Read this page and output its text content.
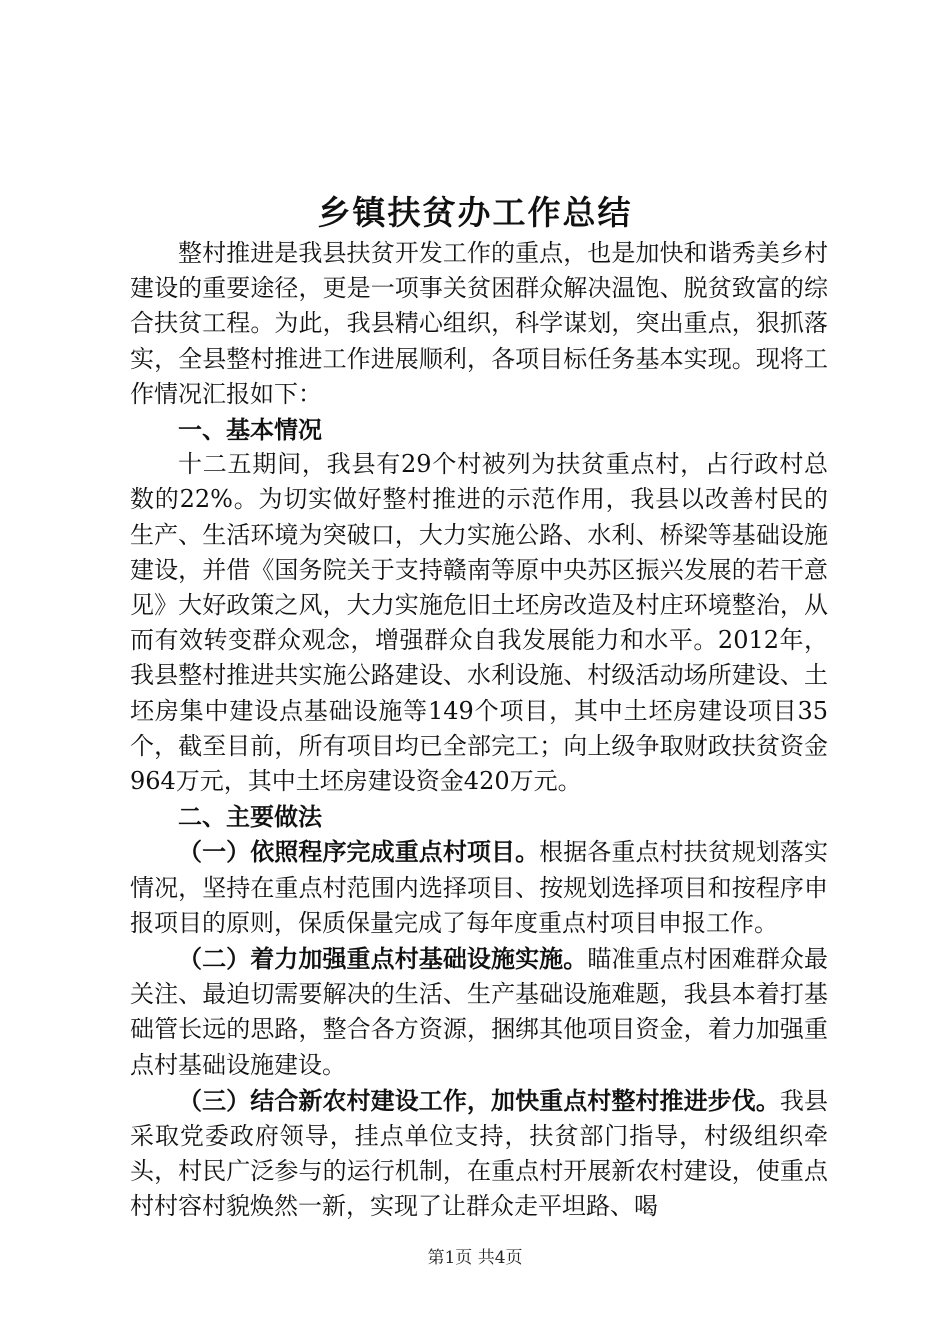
乡镇扶贫办工作总结

整村推进是我县扶贫开发工作的重点，也是加快和谐秀美乡村建设的重要途径，更是一项事关贫困群众解决温饱、脱贫致富的综合扶贫工程。为此，我县精心组织，科学谋划，突出重点，狠抓落实，全县整村推进工作进展顺利，各项目标任务基本实现。现将工作情况汇报如下：

一、基本情况

十二五期间，我县有29个村被列为扶贫重点村，占行政村总数的22%。为切实做好整村推进的示范作用，我县以改善村民的生产、生活环境为突破口，大力实施公路、水利、桥梁等基础设施建设，并借《国务院关于支持赣南等原中央苏区振兴发展的若干意见》大好政策之风，大力实施危旧土坯房改造及村庄环境整治，从而有效转变群众观念，增强群众自我发展能力和水平。2012年，我县整村推进共实施公路建设、水利设施、村级活动场所建设、土坯房集中建设点基础设施等149个项目，其中土坯房建设项目35个，截至目前，所有项目均已全部完工；向上级争取财政扶贫资金964万元，其中土坯房建设资金420万元。

二、主要做法

（一）依照程序完成重点村项目。根据各重点村扶贫规划落实情况，坚持在重点村范围内选择项目、按规划选择项目和按程序申报项目的原则，保质保量完成了每年度重点村项目申报工作。

（二）着力加强重点村基础设施实施。瞄准重点村困难群众最关注、最迫切需要解决的生活、生产基础设施难题，我县本着打基础管长远的思路，整合各方资源，捆绑其他项目资金，着力加强重点村基础设施建设。

（三）结合新农村建设工作，加快重点村整村推进步伐。我县采取党委政府领导，挂点单位支持，扶贫部门指导，村级组织牵头，村民广泛参与的运行机制，在重点村开展新农村建设，使重点村村容村貌焕然一新，实现了让群众走平坦路、喝

第1页 共4页
